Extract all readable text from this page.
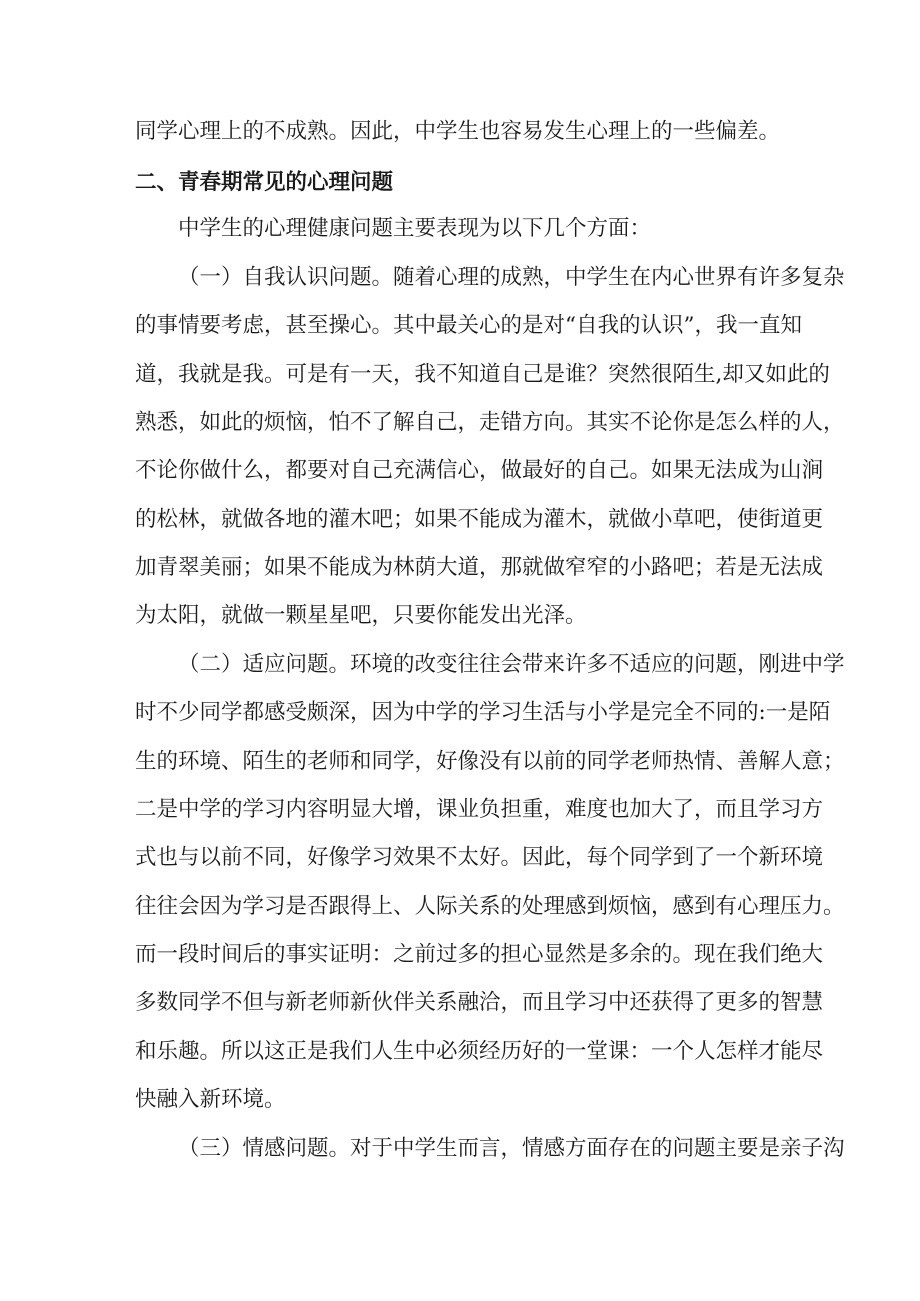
同学心理上的不成熟。因此，中学生也容易发生心理上的一些偏差。
二、青春期常见的心理问题
中学生的心理健康问题主要表现为以下几个方面：
（一）自我认识问题。随着心理的成熟，中学生在内心世界有许多复杂
的事情要考虑，甚至操心。其中最关心的是对“自我的认识”，我一直知
道，我就是我。可是有一天，我不知道自己是谁？突然很陌生,却又如此的
熟悉，如此的烦恼，怕不了解自己，走错方向。其实不论你是怎么样的人，
不论你做什么，都要对自己充满信心，做最好的自己。如果无法成为山涧
的松林，就做各地的灌木吧；如果不能成为灌木，就做小草吧，使街道更
加青翠美丽；如果不能成为林荫大道，那就做窄窄的小路吧；若是无法成
为太阳，就做一颗星星吧，只要你能发出光泽。
（二）适应问题。环境的改变往往会带来许多不适应的问题，刚进中学
时不少同学都感受颇深，因为中学的学习生活与小学是完全不同的:一是陌
生的环境、陌生的老师和同学，好像没有以前的同学老师热情、善解人意；
二是中学的学习内容明显大增，课业负担重，难度也加大了，而且学习方
式也与以前不同，好像学习效果不太好。因此，每个同学到了一个新环境
往往会因为学习是否跟得上、人际关系的处理感到烦恼，感到有心理压力。
而一段时间后的事实证明：之前过多的担心显然是多余的。现在我们绝大
多数同学不但与新老师新伙伴关系融洽，而且学习中还获得了更多的智慧
和乐趣。所以这正是我们人生中必须经历好的一堂课：一个人怎样才能尽
快融入新环境。
（三）情感问题。对于中学生而言，情感方面存在的问题主要是亲子沟
